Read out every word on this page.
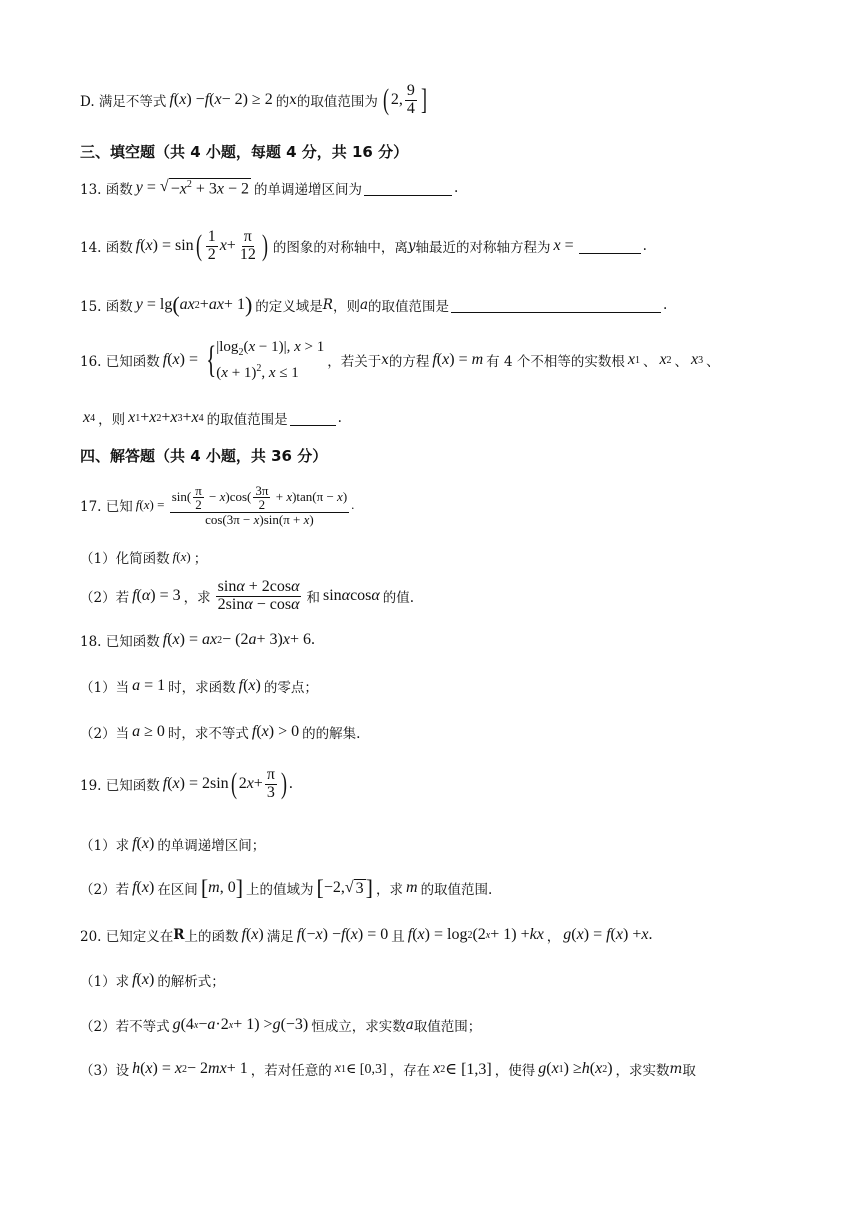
D. 满足不等式 f ( x ) − f ( x − 2) ≥ 2 的 x 的取值范围为 ( 2, $\frac{9}{4}$ ]
三、填空题（共 4 小题，每题 4 分，共 16 分）
13. 函数 y = √ $-x^2 + 3x - 2$ 的单调递增区间为	.
14. 函数 f ( x ) = sin ( $\frac{1}{2}$ $x + \frac{\pi}{12}$ ) 的图象的对称轴中，离 y 轴最近的对称轴方程为 x =	.
15. 函数 y = lg ( ax 2 + ax + 1 ) 的定义域是 R ，则 a 的取值范围是	.
16. 已知函数 f ( x ) = { $|\log_2(x - 1)|$, x > 1
$(x + 1)^2$, x ≤ 1
，若关于 x 的方程 f ( x ) = m 有 4 个不相等的实数根 x 1 、 x 2 、 x 3 、
x 4 ，则 x 1 + x 2 + x 3 + x 4 的取值范围是	.
四、解答题（共 4 小题，共 36 分）
17. 已知 f ( x ) = $\frac{\sin( \frac{\pi}{2} - x)\cos( \frac{3\pi}{2} + x)\tan(\pi - x)}{\cos(3\pi - x)\sin(\pi + x)}$ .
（1）化简函数 f ( x ) ；
（2）若 f ( α ) = 3 ，求 $\frac{\sin\alpha + 2\cos\alpha}{2\sin\alpha - \cos\alpha}$ 和 sin α cos α 的值.
18. 已知函数 f ( x ) = ax 2 − (2 a + 3) x + 6.
（1）当 a = 1 时，求函数 f ( x ) 的零点；
（2）当 a ≥ 0 时，求不等式 f ( x ) > 0 的的解集.
19. 已知函数 f ( x ) = 2sin ( 2 $x + \frac{\pi}{3}$ ) .
（1）求 f ( x ) 的单调递增区间；
（2）若 f ( x ) 在区间 [ m , 0 ] 上的值域为 [ −2, √ 3 ] ，求 m 的取值范围.
20. 已知定义在 R 上的函数 f ( x ) 满足 f (− x ) − f ( x ) = 0 且 f ( x ) = log 2 (2 x + 1) + kx ， g ( x ) = f ( x ) + x .
（1）求 f ( x ) 的解析式；
（2）若不等式 g (4 x − a ·2 x + 1) > g (−3) 恒成立，求实数 a 取值范围；
（3）设 h ( x ) = x 2 − 2 mx + 1 ，若对任意的 x 1 ∈ [0,3] ，存在 x 2 ∈ [1,3] ，使得 g ( x 1 ) ≥ h ( x 2 ) ，求实数 m 取
